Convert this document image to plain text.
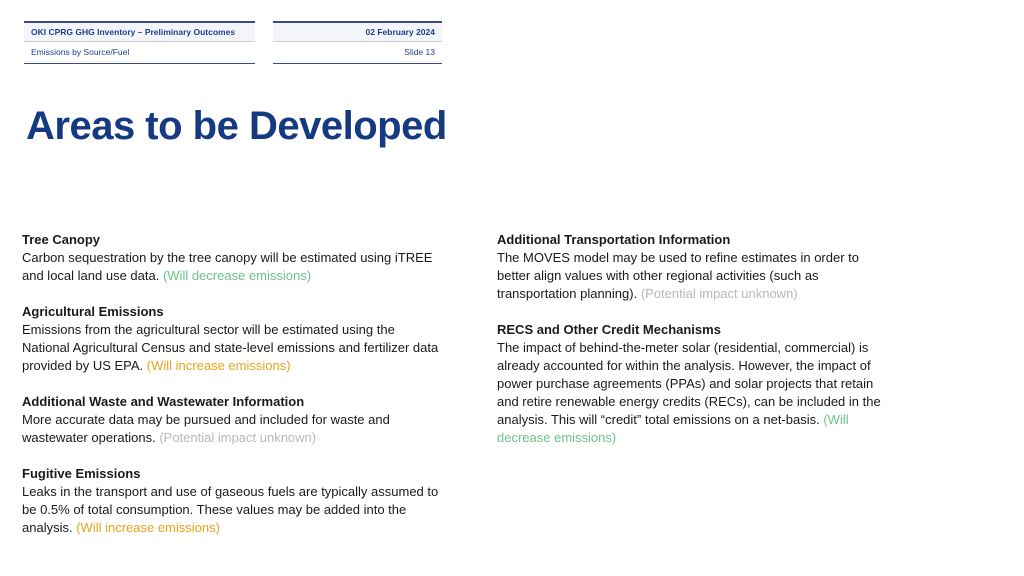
OKI CPRG GHG Inventory – Preliminary Outcomes
Emissions by Source/Fuel
02 February 2024
Slide 13
Areas to be Developed
Tree Canopy
Carbon sequestration by the tree canopy will be estimated using iTREE and local land use data. (Will decrease emissions)
Agricultural Emissions
Emissions from the agricultural sector will be estimated using the National Agricultural Census and state-level emissions and fertilizer data provided by US EPA. (Will increase emissions)
Additional Waste and Wastewater Information
More accurate data may be pursued and included for waste and wastewater operations. (Potential impact unknown)
Fugitive Emissions
Leaks in the transport and use of gaseous fuels are typically assumed to be 0.5% of total consumption. These values may be added into the analysis. (Will increase emissions)
Additional Transportation Information
The MOVES model may be used to refine estimates in order to better align values with other regional activities (such as transportation planning). (Potential impact unknown)
RECS and Other Credit Mechanisms
The impact of behind-the-meter solar (residential, commercial) is already accounted for within the analysis. However, the impact of power purchase agreements (PPAs) and solar projects that retain and retire renewable energy credits (RECs), can be included in the analysis. This will “credit” total emissions on a net-basis. (Will decrease emissions)
